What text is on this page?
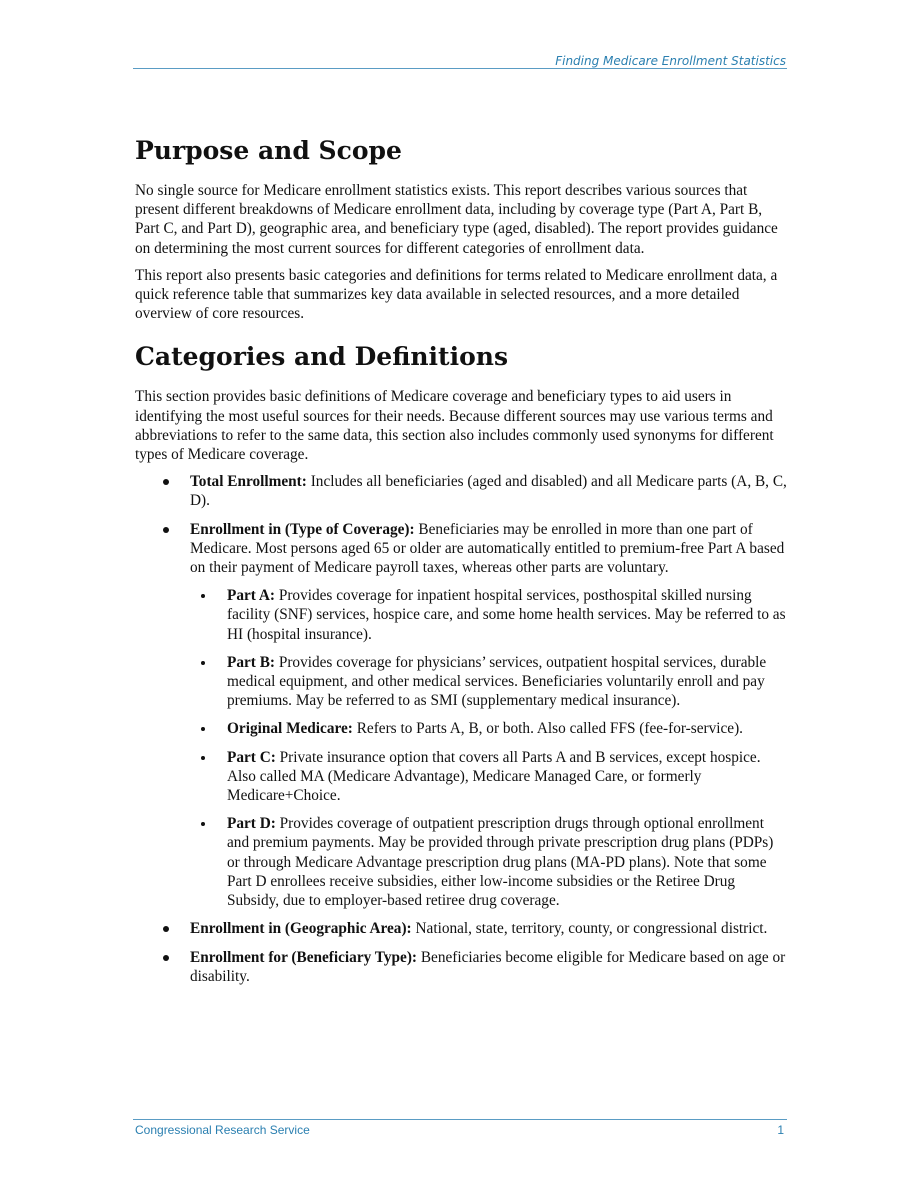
Finding Medicare Enrollment Statistics
Purpose and Scope

No single source for Medicare enrollment statistics exists. This report describes various sources that present different breakdowns of Medicare enrollment data, including by coverage type (Part A, Part B, Part C, and Part D), geographic area, and beneficiary type (aged, disabled). The report provides guidance on determining the most current sources for different categories of enrollment data.

This report also presents basic categories and definitions for terms related to Medicare enrollment data, a quick reference table that summarizes key data available in selected resources, and a more detailed overview of core resources.

Categories and Definitions

This section provides basic definitions of Medicare coverage and beneficiary types to aid users in identifying the most useful sources for their needs. Because different sources may use various terms and abbreviations to refer to the same data, this section also includes commonly used synonyms for different types of Medicare coverage.

Total Enrollment: Includes all beneficiaries (aged and disabled) and all Medicare parts (A, B, C, D).
Enrollment in (Type of Coverage): Beneficiaries may be enrolled in more than one part of Medicare. Most persons aged 65 or older are automatically entitled to premium-free Part A based on their payment of Medicare payroll taxes, whereas other parts are voluntary.
Part A: Provides coverage for inpatient hospital services, posthospital skilled nursing facility (SNF) services, hospice care, and some home health services. May be referred to as HI (hospital insurance).
Part B: Provides coverage for physicians’ services, outpatient hospital services, durable medical equipment, and other medical services. Beneficiaries voluntarily enroll and pay premiums. May be referred to as SMI (supplementary medical insurance).
Original Medicare: Refers to Parts A, B, or both. Also called FFS (fee-for-service).
Part C: Private insurance option that covers all Parts A and B services, except hospice. Also called MA (Medicare Advantage), Medicare Managed Care, or formerly Medicare+Choice.
Part D: Provides coverage of outpatient prescription drugs through optional enrollment and premium payments. May be provided through private prescription drug plans (PDPs) or through Medicare Advantage prescription drug plans (MA-PD plans). Note that some Part D enrollees receive subsidies, either low-income subsidies or the Retiree Drug Subsidy, due to employer-based retiree drug coverage.
Enrollment in (Geographic Area): National, state, territory, county, or congressional district.
Enrollment for (Beneficiary Type): Beneficiaries become eligible for Medicare based on age or disability.
Congressional Research Service	1
